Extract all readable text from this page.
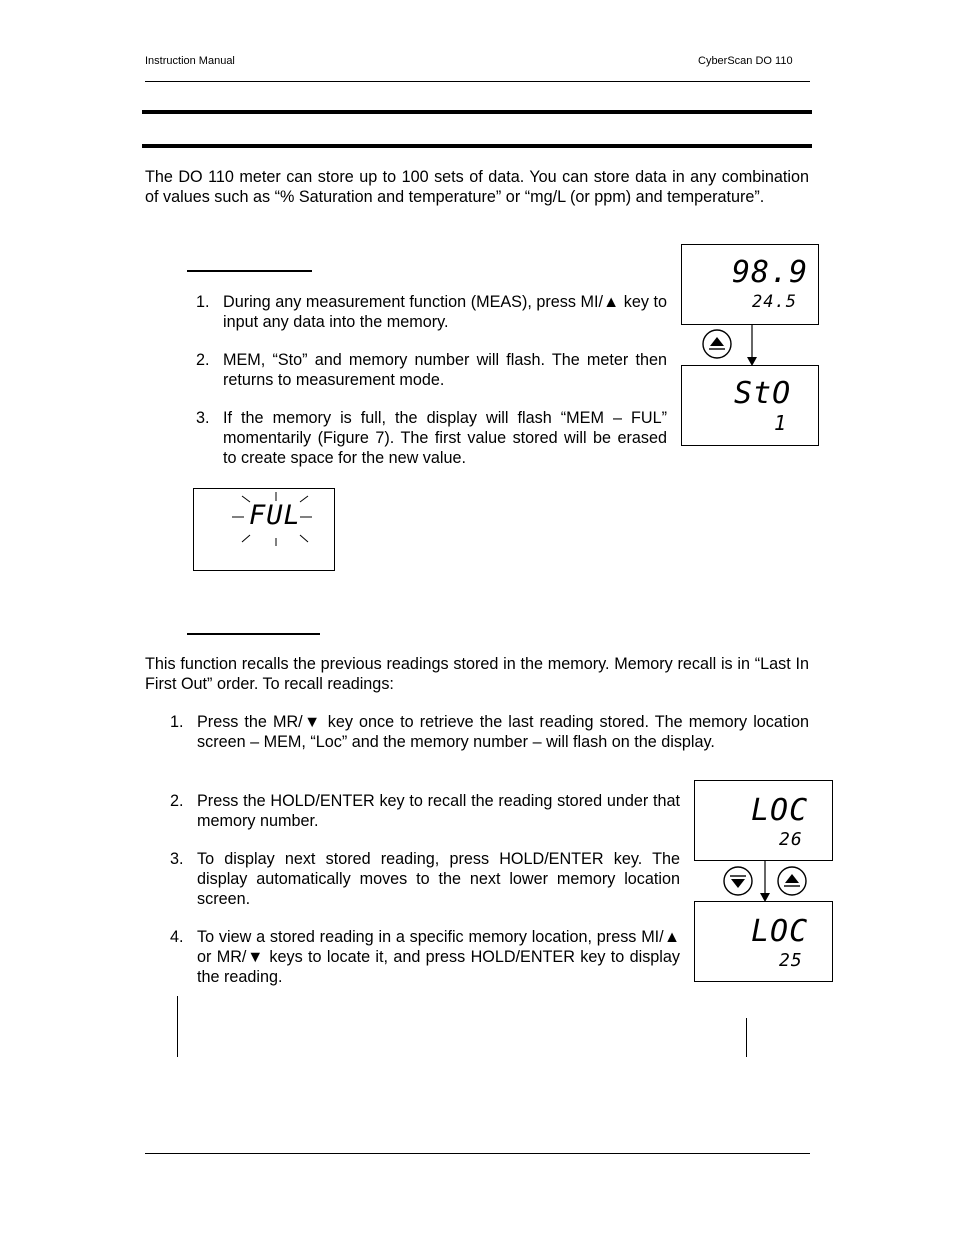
Instruction Manual	CyberScan DO 110
The DO 110 meter can store up to 100 sets of data. You can store data in any combination of values such as “% Saturation and temperature” or “mg/L (or ppm) and temperature”.
1. During any measurement function (MEAS), press MI/▲ key to input any data into the memory.
2. MEM, “Sto” and memory number will flash. The meter then returns to measurement mode.
3. If the memory is full, the display will flash “MEM – FUL” momentarily (Figure 7). The first value stored will be erased to create space for the new value.
98.9
24.5
StO
1
FUL
This function recalls the previous readings stored in the memory. Memory recall is in “Last In First Out” order. To recall readings:
1. Press the MR/▼ key once to retrieve the last reading stored. The memory location screen – MEM, “Loc” and the memory number – will flash on the display.
2. Press the HOLD/ENTER key to recall the reading stored under that memory number.
3. To display next stored reading, press HOLD/ENTER key. The display automatically moves to the next lower memory location screen.
4. To view a stored reading in a specific memory location, press MI/▲ or MR/▼ keys to locate it, and press HOLD/ENTER key to display the reading.
LOC
26
LOC
25
